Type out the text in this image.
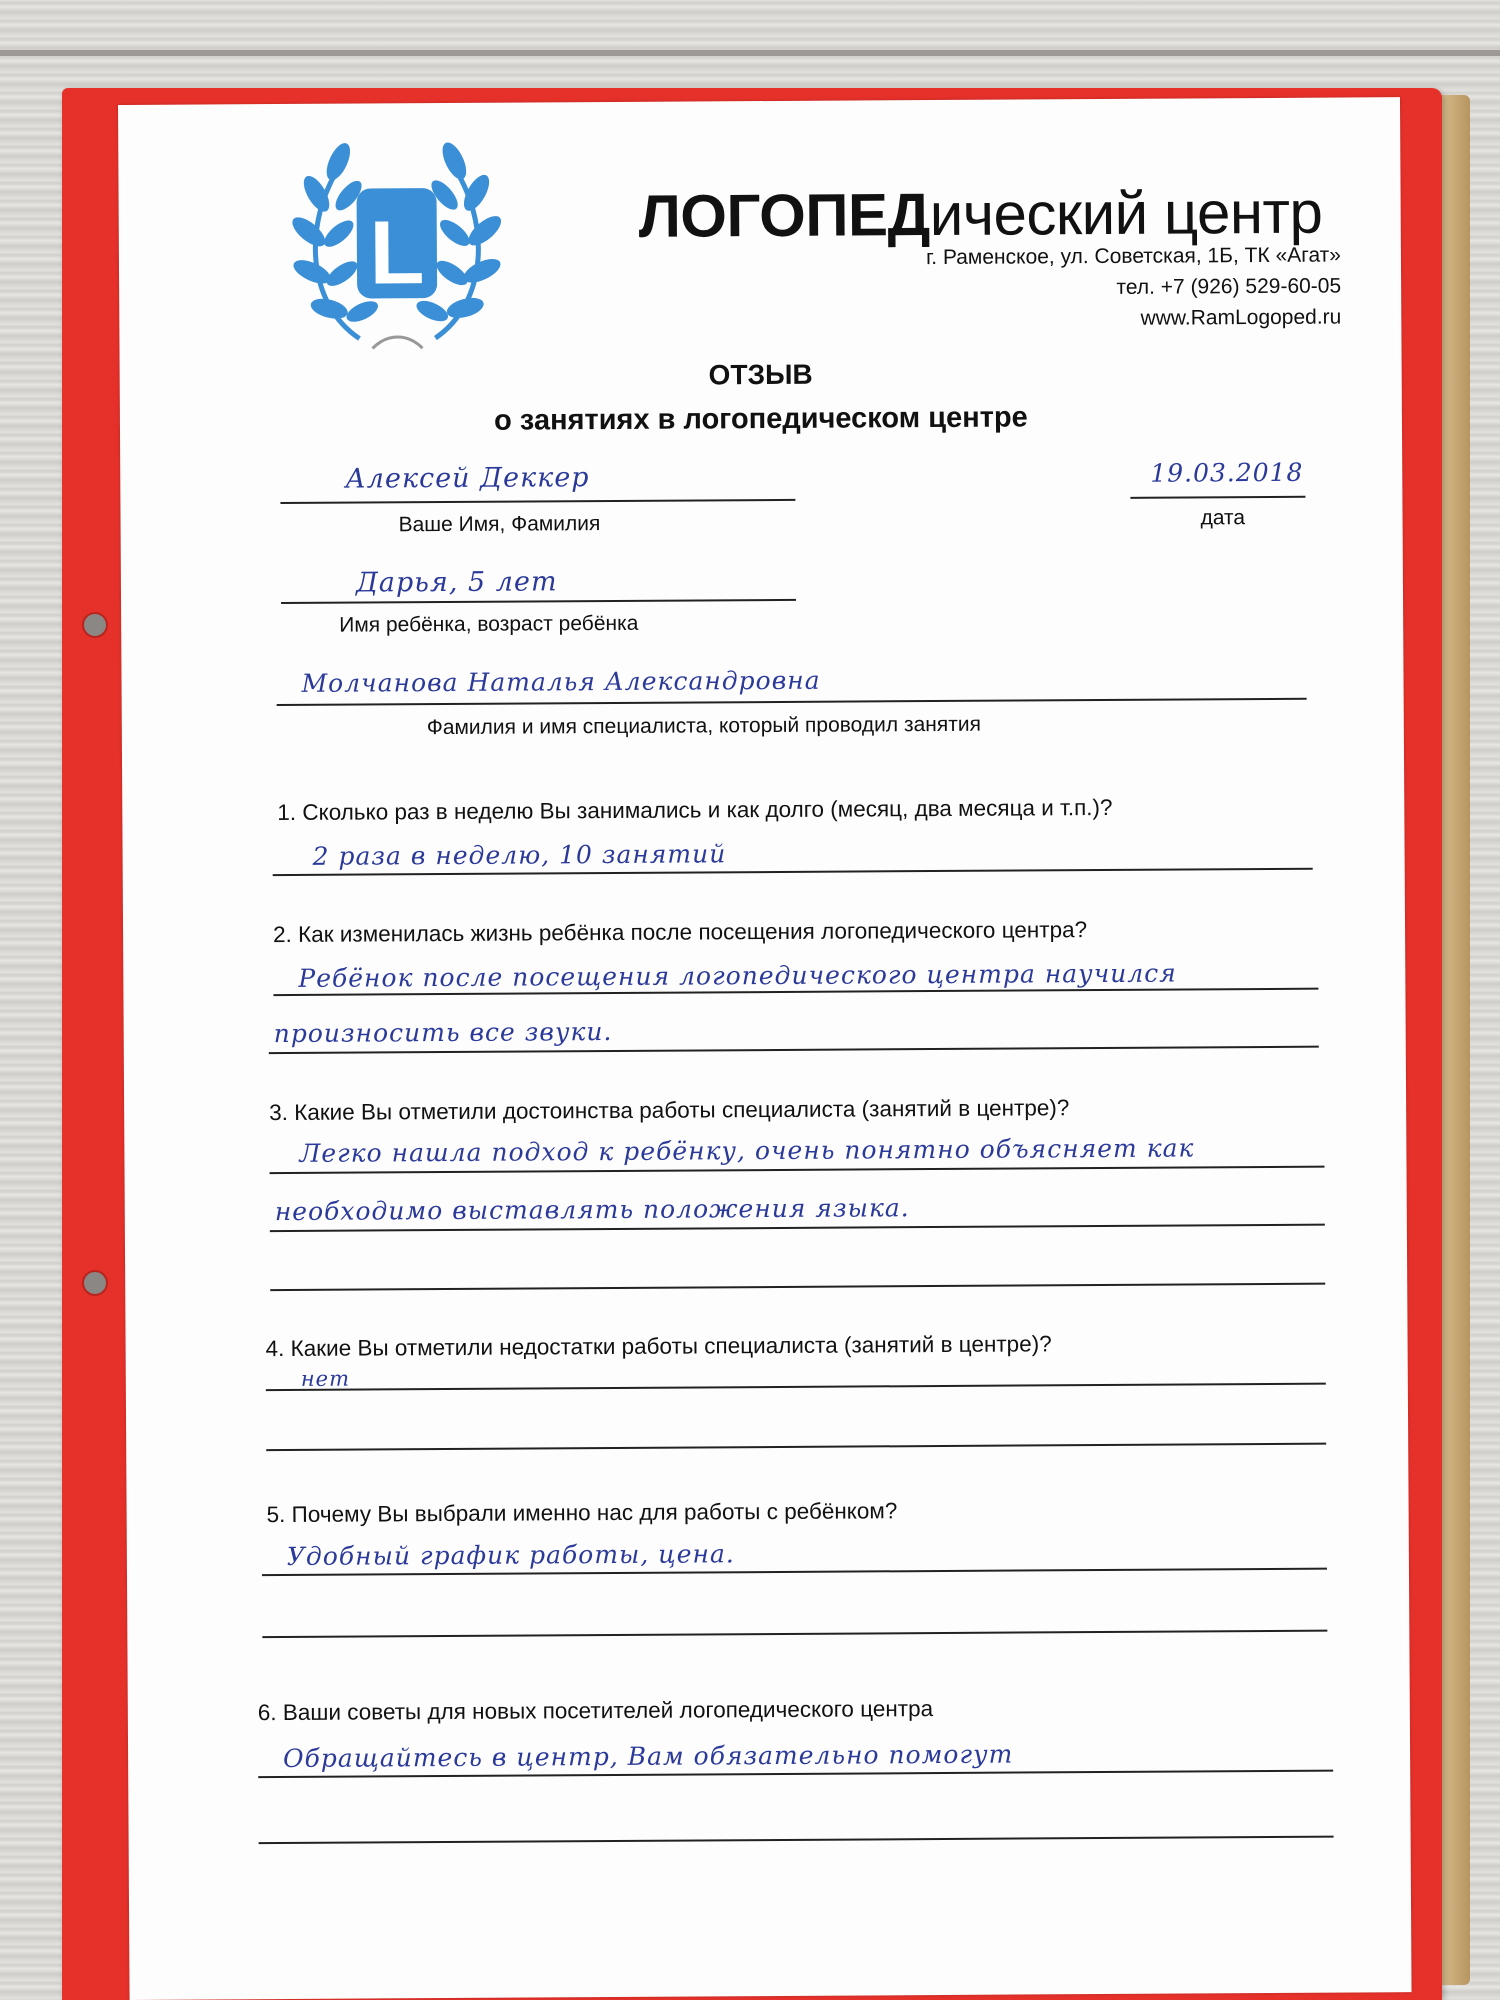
L	ЛОГОПЕДический центр
г. Раменское, ул. Советская, 1Б, ТК «Агат»
тел. +7 (926) 529-60-05
www.RamLogoped.ru
ОТЗЫВ
о занятиях в логопедическом центре
Алексей Деккер
Ваше Имя, Фамилия
19.03.2018
дата
Дарья, 5 лет
Имя ребёнка, возраст ребёнка
Молчанова Наталья Александровна
Фамилия и имя специалиста, который проводил занятия
1. Сколько раз в неделю Вы занимались и как долго (месяц, два месяца и т.п.)?
2 раза в неделю, 10 занятий
2. Как изменилась жизнь ребёнка после посещения логопедического центра?
Ребёнок после посещения логопедического центра научился
произносить все звуки.
3. Какие Вы отметили достоинства работы специалиста (занятий в центре)?
Легко нашла подход к ребёнку, очень понятно объясняет как
необходимо выставлять положения языка.
4. Какие Вы отметили недостатки работы специалиста (занятий в центре)?
нет
5. Почему Вы выбрали именно нас для работы с ребёнком?
Удобный график работы, цена.
6. Ваши советы для новых посетителей логопедического центра
Обращайтесь в центр, Вам обязательно помогут
